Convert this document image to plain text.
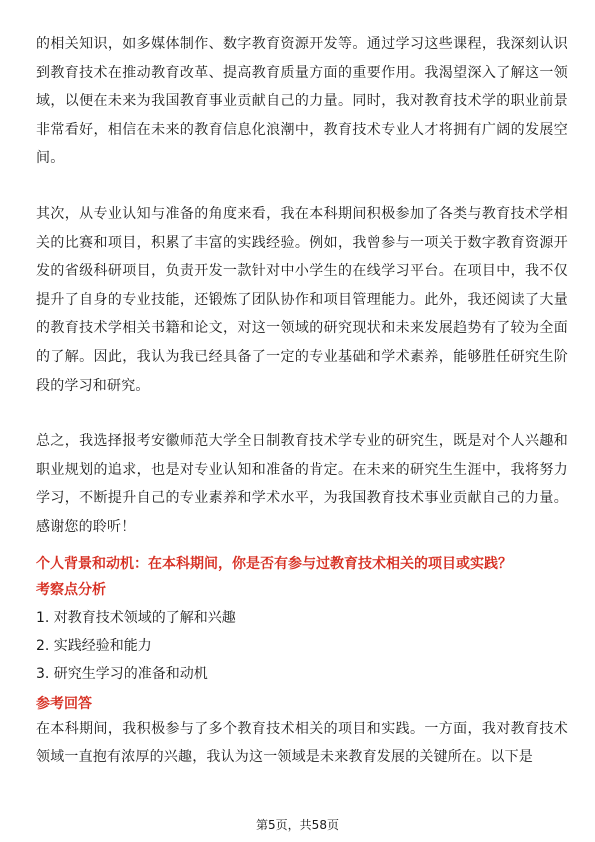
的相关知识，如多媒体制作、数字教育资源开发等。通过学习这些课程，我深刻认识到教育技术在推动教育改革、提高教育质量方面的重要作用。我渴望深入了解这一领域，以便在未来为我国教育事业贡献自己的力量。同时，我对教育技术学的职业前景非常看好，相信在未来的教育信息化浪潮中，教育技术专业人才将拥有广阔的发展空间。

其次，从专业认知与准备的角度来看，我在本科期间积极参加了各类与教育技术学相关的比赛和项目，积累了丰富的实践经验。例如，我曾参与一项关于数字教育资源开发的省级科研项目，负责开发一款针对中小学生的在线学习平台。在项目中，我不仅提升了自身的专业技能，还锻炼了团队协作和项目管理能力。此外，我还阅读了大量的教育技术学相关书籍和论文，对这一领域的研究现状和未来发展趋势有了较为全面的了解。因此，我认为我已经具备了一定的专业基础和学术素养，能够胜任研究生阶段的学习和研究。

总之，我选择报考安徽师范大学全日制教育技术学专业的研究生，既是对个人兴趣和职业规划的追求，也是对专业认知和准备的肯定。在未来的研究生生涯中，我将努力学习，不断提升自己的专业素养和学术水平，为我国教育技术事业贡献自己的力量。感谢您的聆听！

个人背景和动机：在本科期间，你是否有参与过教育技术相关的项目或实践？
考察点分析
1. 对教育技术领域的了解和兴趣
2. 实践经验和能力
3. 研究生学习的准备和动机
参考回答

在本科期间，我积极参与了多个教育技术相关的项目和实践。一方面，我对教育技术领域一直抱有浓厚的兴趣，我认为这一领域是未来教育发展的关键所在。以下是

第5页，共58页
